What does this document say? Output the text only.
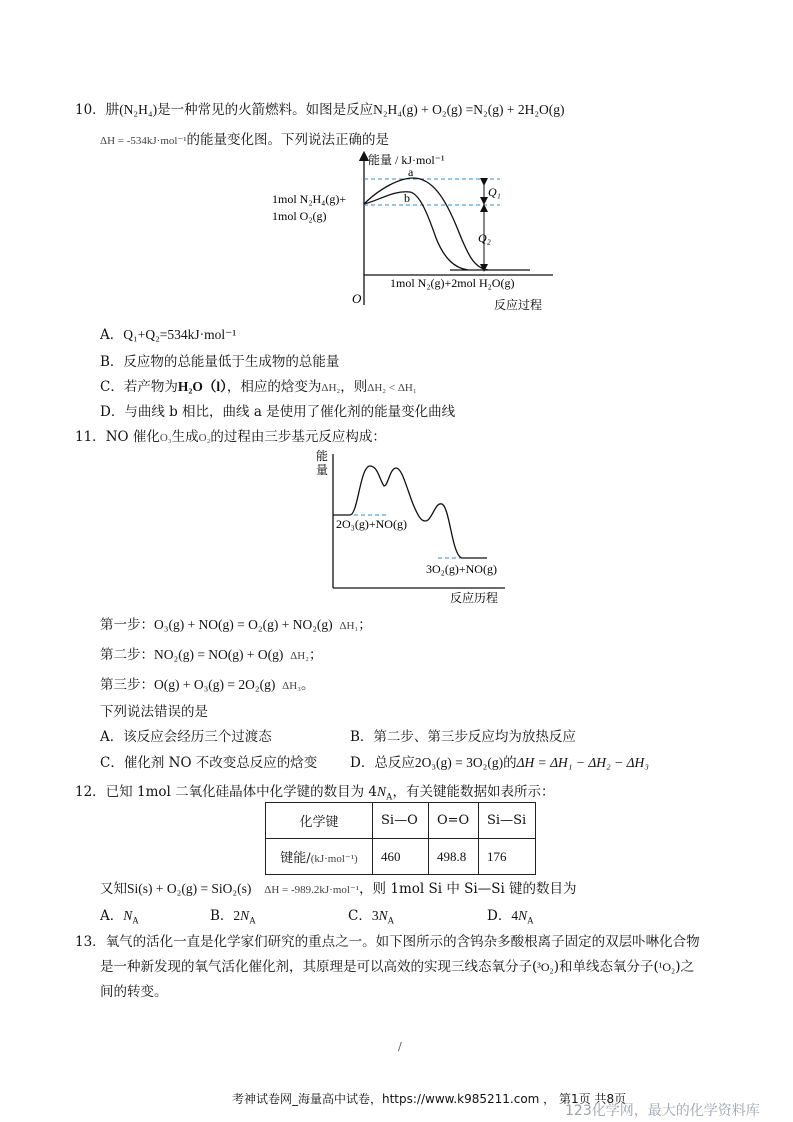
10．肼(N₂H₄)是一种常见的火箭燃料。如图是反应N₂H₄(g) + O₂(g) =N₂(g) + 2H₂O(g)
ΔH = -534kJ·mol⁻¹的能量变化图。下列说法正确的是
能量 / kJ·mol⁻¹
1mol N₂H₄(g)+
1mol O₂(g)
a
b	Q₁
Q₂
1mol N₂(g)+2mol H₂O(g)
O	反应过程
A．Q₁+Q₂=534kJ·mol⁻¹
B．反应物的总能量低于生成物的总能量
C．若产物为H₂O（l），相应的焓变为ΔH₂，则ΔH₂ < ΔH₁
D．与曲线 b 相比，曲线 a 是使用了催化剂的能量变化曲线
11．NO 催化O₃生成O₂的过程由三步基元反应构成：
能
量
2O₃(g)+NO(g)
3O₂(g)+NO(g)
反应历程
第一步：O₃(g) + NO(g) = O₂(g) + NO₂(g) ΔH₁；
第二步：NO₂(g) = NO(g) + O(g) ΔH₂；
第三步：O(g) + O₃(g) = 2O₂(g) ΔH₃。
下列说法错误的是
A．该反应会经历三个过渡态	B．第二步、第三步反应均为放热反应
C．催化剂 NO 不改变总反应的焓变 D．总反应2O₃(g) = 3O₂(g)的ΔH = ΔH₁ − ΔH₂ − ΔH₃
12．已知 1mol 二氧化硅晶体中化学键的数目为 $4N_A$，有关键能数据如表所示：
化学键	Si—O	O=O	Si—Si
键能/(kJ·mol⁻¹)	460	498.8	176
又知Si(s) + O₂(g) = SiO₂(s) ΔH = -989.2kJ·mol⁻¹，则 1mol Si 中 Si—Si 键的数目为
A．$N_A$	B．$2N_A$	C．$3N_A$	D．$4N_A$
13．氧气的活化一直是化学家们研究的重点之一。如下图所示的含钨杂多酸根离子固定的双层卟啉化合物
是一种新发现的氧气活化催化剂，其原理是可以高效的实现三线态氧分子(³O₂)和单线态氧分子(¹O₂)之
间的转变。
/
考神试卷网_海量高中试卷，https://www.k985211.com ， 第1页 共8页
123化学网，最大的化学资料库
